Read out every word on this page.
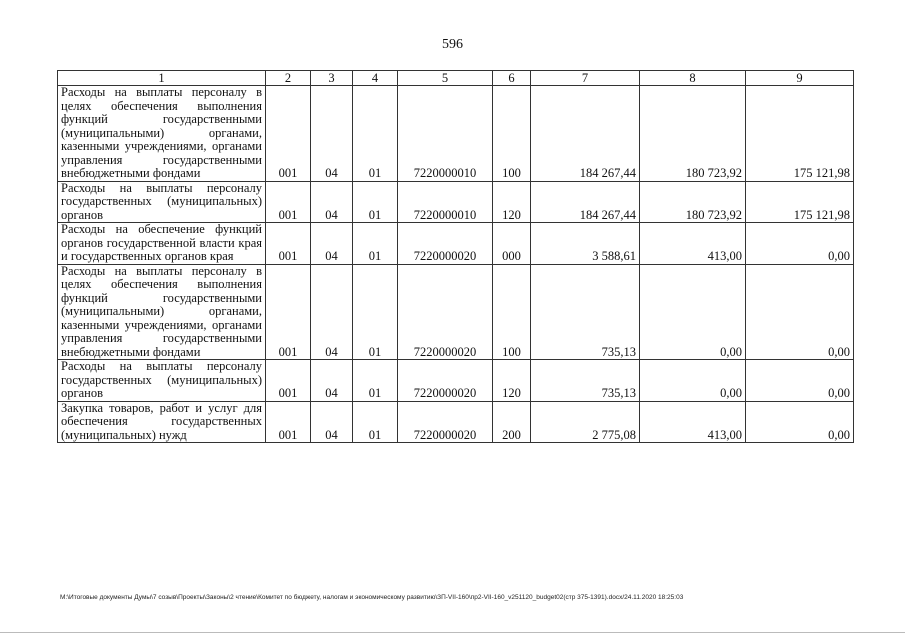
596
1	2	3	4	5	6	7	8	9
Расходы на выплаты персоналу в целях обеспечения выполнения функций государственными (муниципальными) органами, казенными учреждениями, органами управления государственными внебюджетными фондами	001	04	01	7220000010	100	184 267,44	180 723,92	175 121,98
Расходы на выплаты персоналу государственных (муниципальных) органов	001	04	01	7220000010	120	184 267,44	180 723,92	175 121,98
Расходы на обеспечение функций органов государственной власти края и государственных органов края	001	04	01	7220000020	000	3 588,61	413,00	0,00
Расходы на выплаты персоналу в целях обеспечения выполнения функций государственными (муниципальными) органами, казенными учреждениями, органами управления государственными внебюджетными фондами	001	04	01	7220000020	100	735,13	0,00	0,00
Расходы на выплаты персоналу государственных (муниципальных) органов	001	04	01	7220000020	120	735,13	0,00	0,00
Закупка товаров, работ и услуг для обеспечения государственных (муниципальных) нужд	001	04	01	7220000020	200	2 775,08	413,00	0,00
М:\Итоговые документы Думы\7 созыв\Проекты\Законы\2 чтение\Комитет по бюджету, налогам и экономическому развитию\ЗП-VII-160\пр2-VII-160_v251120_budget02(стр 375-1391).docx/24.11.2020 18:25:03
